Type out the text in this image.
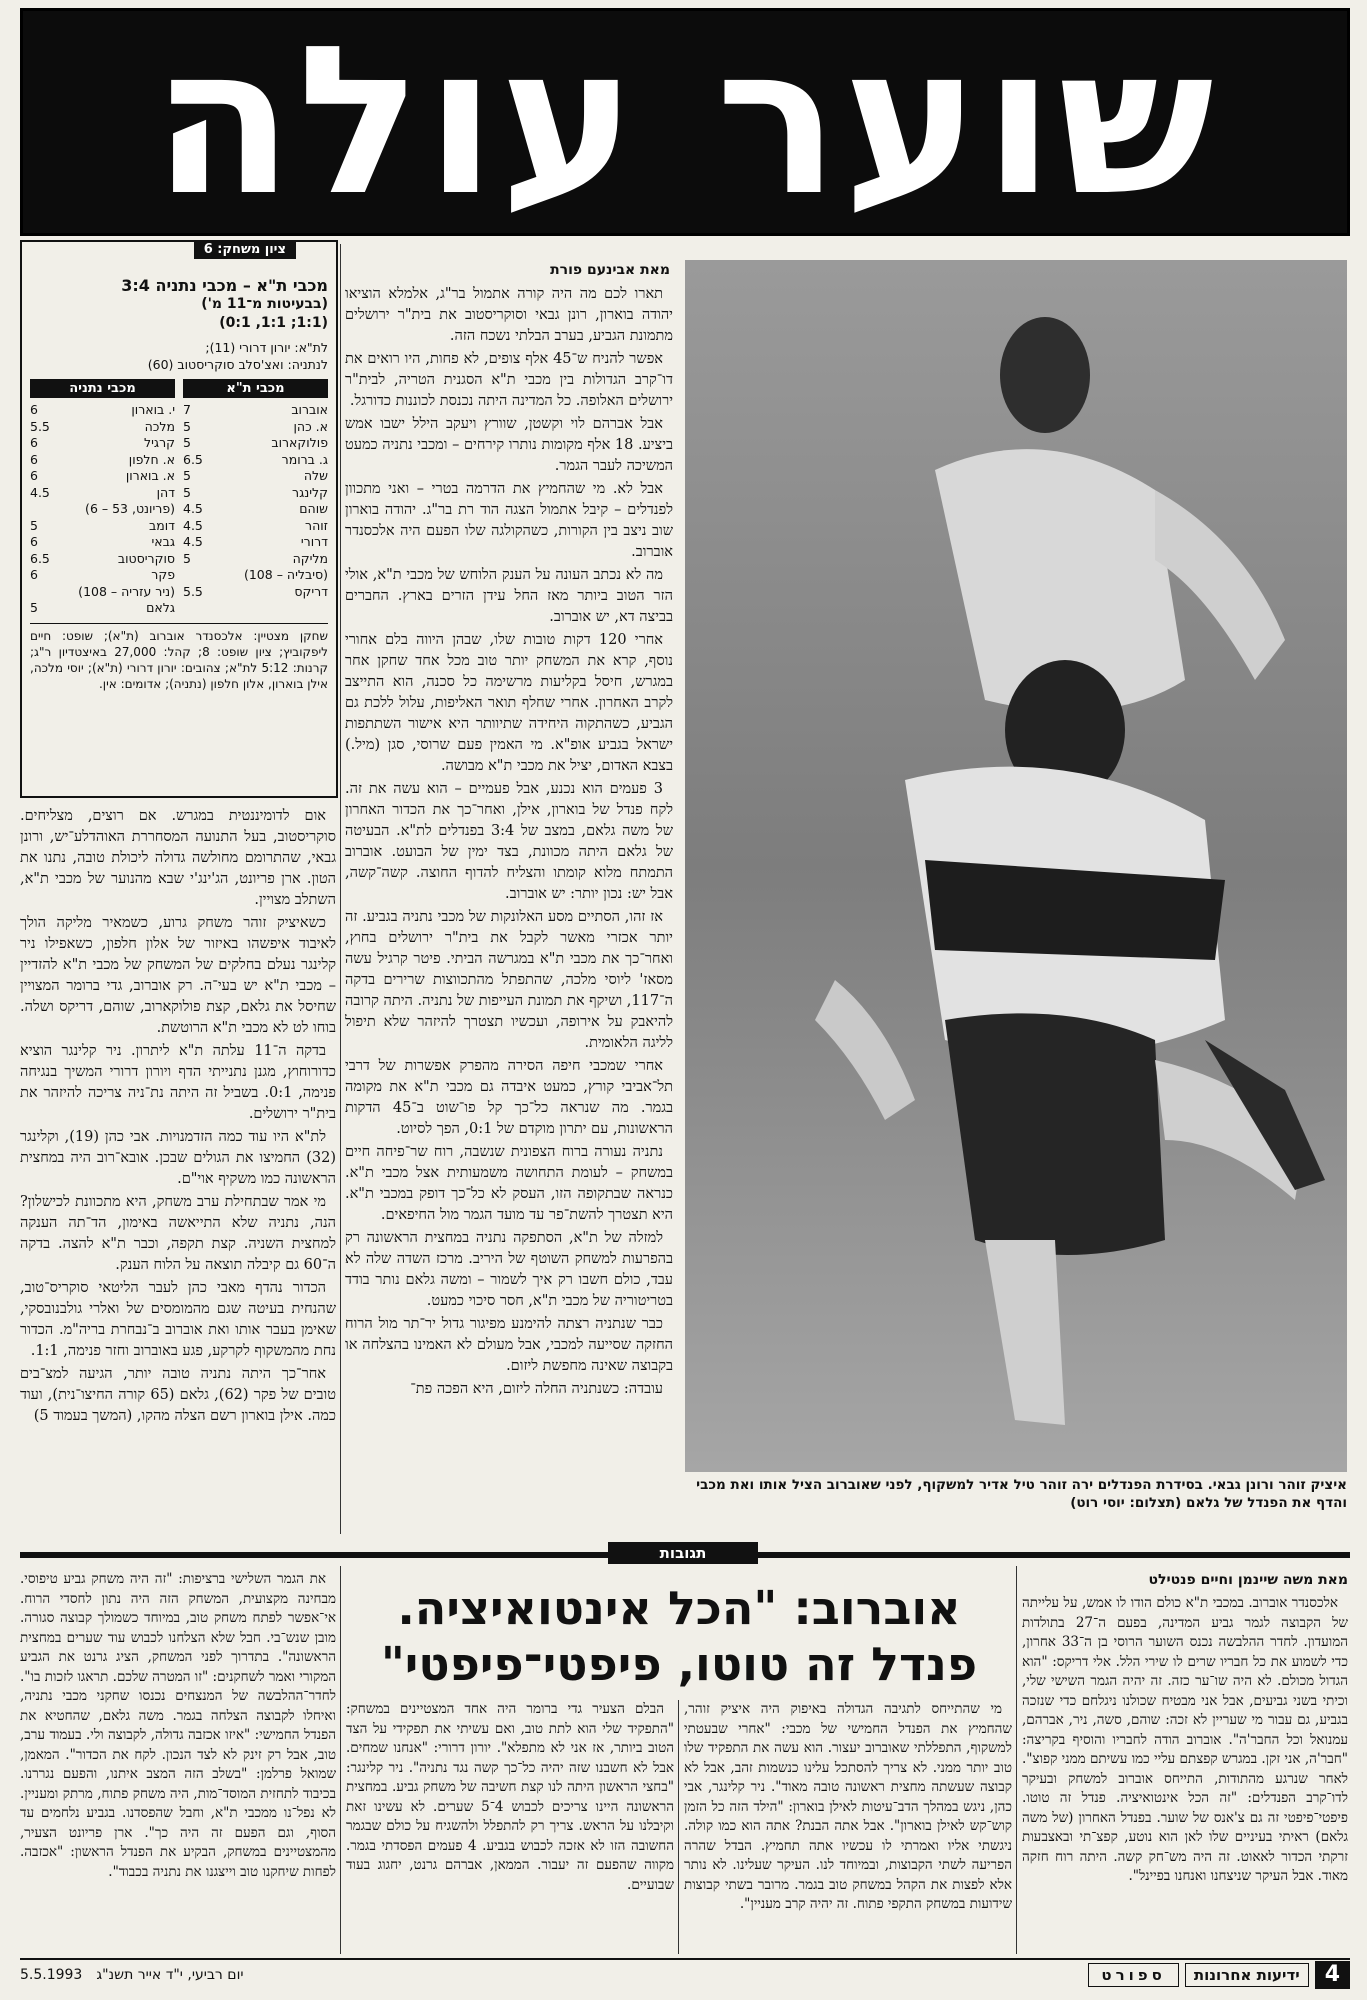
שוער עולה
איציק זוהר ורונן גבאי. בסידרת הפנדלים ירה זוהר טיל אדיר למשקוף, לפני שאוברוב הציל אותו ואת מכבי והדף את הפנדל של גלאם (תצלום: יוסי רוט)
מאת אבינעם פורת

תארו לכם מה היה קורה אתמול בר"ג, אלמלא הוציאו יהודה בוארון, רונן גבאי וסוקריסטוב את בית"ר ירושלים מתמונת הגביע, בערב הבלתי נשכח הזה.

אפשר להניח ש־45 אלף צופים, לא פחות, היו רואים את דו־קרב הגדולות בין מכבי ת"א הסגנית הטריה, לבית"ר ירושלים האלופה. כל המדינה היתה נכנסת לכוננות כדורגל.

אבל אברהם לוי וקשטן, שוורץ ויעקב הילל ישבו אמש ביציע. 18 אלף מקומות נותרו קירחים – ומכבי נתניה כמעט המשיכה לעבר הגמר.

אבל לא. מי שהחמיץ את הדרמה בטרי – ואני מתכוון לפנדלים – קיבל אתמול הצגה הוד רת בר"ג. יהודה בוארון שוב ניצב בין הקורות, כשהקולגה שלו הפעם היה אלכסנדר אוברוב.

מה לא נכתב העונה על הענק הלוחש של מכבי ת"א, אולי הזר הטוב ביותר מאז החל עידן הזרים בארץ. החברים בביצה דא, יש אוברוב.

אחרי 120 דקות טובות שלו, שבהן היווה בלם אחורי נוסף, קרא את המשחק יותר טוב מכל אחד שחקן אחר במגרש, חיסל בקליעות מרשימה כל סכנה, הוא התייצב לקרב האחרון. אחרי שחלף תואר האליפות, עלול ללכת גם הגביע, כשהתקוה היחידה שתיוותר היא אישור השתתפות ישראל בגביע אופ"א. מי האמין פעם שרוסי, סגן (מיל.) בצבא האדום, יציל את מכבי ת"א מבושה.

3 פעמים הוא נכנע, אבל פעמיים – הוא עשה את זה. לקח פנדל של בוארון, אילן, ואחר־כך את הכדור האחרון של משה גלאם, במצב של 3:4 בפנדלים לת"א. הבעיטה של גלאם היתה מכוונת, בצד ימין של הבועט. אוברוב התמתח מלוא קומתו והצליח להדוף החוצה. קשה־קשה, אבל יש: נכון יותר: יש אוברוב.

אז זהו, הסתיים מסע האלונקות של מכבי נתניה בגביע. זה יותר אכזרי מאשר לקבל את בית"ר ירושלים בחוץ, ואחר־כך את מכבי ת"א במגרשה הביתי. פיטר קרגיל עשה מסאז' ליוסי מלכה, שהתפתל מהתכווצות שרירים בדקה ה־117, ושיקף את תמונת העייפות של נתניה. היתה קרובה להיאבק על אירופה, ועכשיו תצטרך להיזהר שלא תיפול לליגה הלאומית.

אחרי שמכבי חיפה הסירה מהפרק אפשרות של דרבי תל־אביבי קורץ, כמעט איבדה גם מכבי ת"א את מקומה בגמר. מה שנראה כל־כך קל פו־שוט ב־45 הדקות הראשונות, עם יתרון מוקדם של 0:1, הפך לסיוט.

נתניה נעורה ברוח הצפונית שנשבה, רוח שר־פיחה חיים במשחק – לעומת התחושה משמעותית אצל מכבי ת"א. כנראה שבתקופה הזו, העסק לא כל־כך דופק במכבי ת"א. היא תצטרך להשת־פר עד מועד הגמר מול החיפאים.

למזלה של ת"א, הסתפקה נתניה במחצית הראשונה רק בהפרעות למשחק השוטף של היריב. מרכז השדה שלה לא עבד, כולם חשבו רק איך לשמור – ומשה גלאם נותר בודד בטריטוריה של מכבי ת"א, חסר סיכוי כמעט.

כבר שנתניה רצתה להימנע מפיגור גדול יר־תר מול הרוח החזקה שסייעה למכבי, אבל מעולם לא האמינו בהצלחה או בקבוצה שאינה מחפשת ליזום.

עובדה: כשנתניה החלה ליזום, היא הפכה פת־

ציון משחק: 6
מכבי ת"א – מכבי נתניה 3:4
(בבעיטות מ־11 מ')
(1:1; 1:1, 0:1)
לת"א: יורון דרורי (11);
לנתניה: ואצ'סלב סוקריסטוב (60)
מכבי ת"א
אוברוב
7
א. כהן
5
פולוקארוב
5
ג. ברומר
6.5
שלה
5
קלינגר
5
שוהם
4.5
זוהר
4.5
דרורי
4.5
מליקה
5
(סיבליה – 108)
דריקס
5.5
מכבי נתניה
י. בוארון
6
מלכה
5.5
קרגיל
6
א. חלפון
6
א. בוארון
6
דהן
4.5
(פריונט, 53 – 6)
דומב
5
גבאי
6
סוקריסטוב
6.5
פקר
6
(ניר עזריה – 108)
גלאם
5
שחקן מצטיין: אלכסנדר אוברוב (ת"א); שופט: חיים ליפקוביץ; ציון שופט: 8; קהל: 27,000 באיצטדיון ר"ג; קרנות: 5:12 לת"א; צהובים: יורון דרורי (ת"א); יוסי מלכה, אילן בוארון, אלון חלפון (נתניה); אדומים: אין.

אום לדומיננטית במגרש. אם רוצים, מצליחים. סוקריסטוב, בעל התנועה המסחררת האוהדלע־יש, ורונן גבאי, שהתרומם מחולשה גדולה ליכולת טובה, נתנו את הטון. ארן פריונט, הג'ינג'י שבא מהנוער של מכבי ת"א, השתלב מצויין.

כשאיציק זוהר משחק גרוע, כשמאיר מליקה הולך לאיבוד איפשהו באיזור של אלון חלפון, כשאפילו ניר קלינגר נעלם בחלקים של המשחק של מכבי ת"א להזדיין – מכבי ת"א יש בעי־ה. רק אוברוב, גדי ברומר המצויין שחיסל את גלאם, קצת פולוקארוב, שוהם, דריקס ושלה. בוחו לט לא מכבי ת"א הרוטשת.

בדקה ה־11 עלתה ת"א ליתרון. ניר קלינגר הוציא כדורוחוץ, מגנן נתנייתי הדף ויורון דרורי המשיך בנגיחה פנימה, 0:1. בשביל זה היתה נת־ניה צריכה להיזהר את בית"ר ירושלים.

לת"א היו עוד כמה הזדמנויות. אבי כהן (19), וקלינגר (32) החמיצו את הגולים שבכן. אובא־רוב היה במחצית הראשונה כמו משקיף אוי"ם.

מי אמר שבתחילת ערב משחק, היא מתכוונת לכישלון? הנה, נתניה שלא התייאשה באימון, הד־תה הענקה למחצית השניה. קצת תקפה, וכבר ת"א להצה. בדקה ה־60 גם קיבלה תוצאה על הלוח הענק.

הכדור נהדף מאבי כהן לעבר הליטאי סוקריס־טוב, שהנחית בעיטה שגם מהמומסים של ואלרי גולבנובסקי, שאימן בעבר אותו ואת אוברוב ב־נבחרת בריה"מ. הכדור נחת מהמשקוף לקרקע, פגע באוברוב וחזר פנימה, 1:1.

אחר־כך היתה נתניה טובה יותר, הגיעה למצ־בים טובים של פקר (62), גלאם (65 קורה החיצו־נית), ועוד כמה. אילן בוארון רשם הצלה מהקו, (המשך בעמוד 5)

תגובות
אוברוב: "הכל אינטואיציה.
פנדל זה טוטו, פיפטי־פיפטי"
מאת משה שיינמן וחיים פנטילט

אלכסנדר אוברוב. במכבי ת"א כולם הודו לו אמש, על עלייתה של הקבוצה לגמר גביע המדינה, בפעם ה־27 בתולדות המועדון. לחדר ההלבשה נכנס השוער הרוסי בן ה־33 אחרון, כדי לשמוע את כל חבריו שרים לו שירי הלל. אלי דריקס: "הוא הגדול מכולם. לא היה שו־ער כזה. זה יהיה הגמר השישי שלי, וכיתי בשני גביעים, אבל אני מבטיח שכולנו ניגלחם כדי שנזכה בגביע, גם עבור מי שעריין לא זכה: שוהם, סשה, ניר, אברהם, עמנואל וכל החבר'ה". אוברוב הודה לחבריו והוסיף בקריצה: "חבר'ה, אני זקן. במגרש קפצתם עליי כמו עשיתם ממני קפוצ". לאחר שנרגע מהתודות, התייחס אוברוב למשחק ובעיקר לדו־קרב הפנדלים: "זה הכל אינטואיציה. פנדל זה טוטו. פיפטי־פיפטי זה גם צ'אנס של שוער. בפנדל האחרון (של משה גלאם) ראיתי בעיניים שלו לאן הוא נוטע, קפצ־תי ובאצבעות זרקתי הכדור לאאוט. זה היה מש־חק קשה. היתה רוח חזקה מאוד. אבל העיקר שניצחנו ואנחנו בפיינל".

מי שהתייחס לתגיבה הגדולה באיפוק היה איציק זוהר, שהחמיץ את הפנדל החמישי של מכבי: "אחרי שבעטתי למשקוף, התפללתי שאוברוב יעצור. הוא עשה את התפקיד שלו טוב יותר ממני. לא צריך להסתכל עלינו כנשמות זהב, אבל לא קבוצה שעשתה מחצית ראשונה טובה מאוד". ניר קלינגר, אבי כהן, ניגש במהלך הדב־עיטות לאילן בוארון: "הילד הזה כל הזמן קוש־קש לאילן בוארון". אבל אתה הבנת? אתה הוא כמו קולה. ניגשתי אליו ואמרתי לו עכשיו אתה תחמיץ. הבדל שהרה הפריעה לשתי הקבוצות, ובמיוחד לנו. העיקר שעלינו. לא נותר אלא לפצות את הקהל במשחק טוב בגמר. מרובר בשתי קבוצות שידועות במשחק התקפי פתוח. זה יהיה קרב מעניין".

הבלם הצעיר גדי ברומר היה אחד המצטיינים במשחק: "התפקיד שלי הוא לתת טוב, ואם עשיתי את תפקידי על הצד הטוב ביותר, אז אני לא מתפלא". יורון דרורי: "אנחנו שמחים. אבל לא חשבנו שזה יהיה כל־כך קשה נגד נתניה". ניר קלינגר: "בחצי הראשון היתה לנו קצת חשיבה של משחק גביע. במחצית הראשונה היינו צריכים לכבוש 4־5 שערים. לא עשינו זאת וקיבלנו על הראש. צריך רק להתפלל ולהשגיח על כולם שבגמר החשובה הזו לא אזכה לכבוש בגביע. 4 פעמים הפסדתי בגמר. מקווה שהפעם זה יעבור. הממאן, אברהם גרנט, יחגוג בעוד שבועיים.

את הגמר השלישי ברציפות: "זה היה משחק גביע טיפוסי. מבחינה מקצועית, המשחק הזה היה נתון לחסדי הרוח. אי־אפשר לפתח משחק טוב, במיוחד כשמולך קבוצה סגורה. מובן שנש־בי. חבל שלא הצלחנו לכבוש עוד שערים במחצית הראשונה". בתדרוך לפני המשחק, הציג גרנט את הגביע המקורי ואמר לשחקנים: "זו המטרה שלכם. תראגו לזכות בו". לחדר־ההלבשה של המנצחים נכנסו שחקני מכבי נתניה, ואיחלו לקבוצה הצלחה בגמר. משה גלאם, שהחטיא את הפנדל החמישי: "איזו אכזבה גדולה, לקבוצה ולי. בעמוד ערב, טוב, אבל רק זינק לא לצד הנכון. לקח את הכדור". המאמן, שמואל פרלמן: "בשלב הזה המצב איתנו, והפעם נגררנו. בכיבוד לתחזית המוסד־מות, היה משחק פתוח, מרתק ומעניין. לא נפל־נו ממכבי ת"א, וחבל שהפסדנו. בגביע נלחמים עד הסוף, וגם הפעם זה היה כך". ארן פריונט הצעיר, מהמצטיינים במשחק, הבקיע את הפנדל הראשון: "אכזבה. לפחות שיחקנו טוב וייצגנו את נתניה בכבוד".

4
ידיעות אחרונות
ספורט
יום רביעי, י"ד אייר תשנ"ג
5.5.1993
